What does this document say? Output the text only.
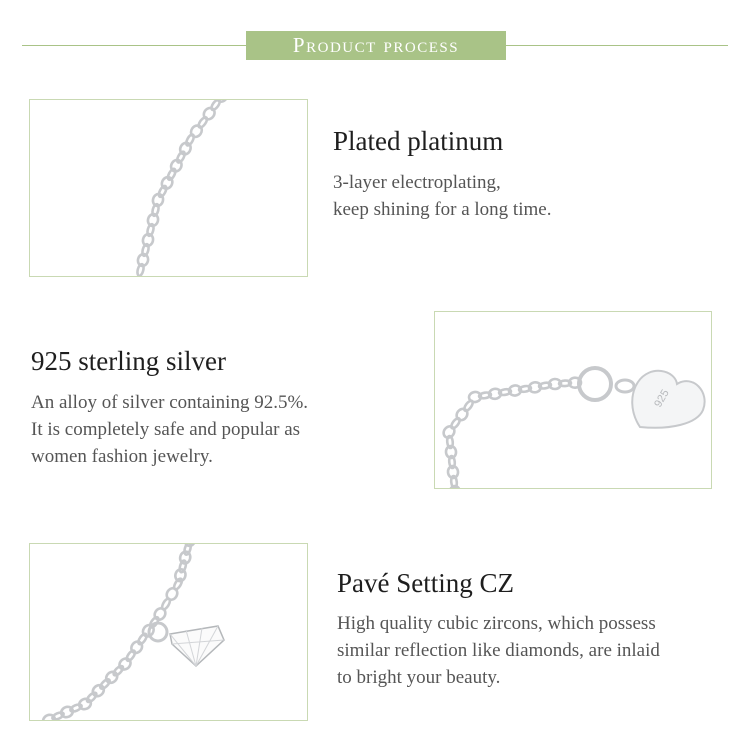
Product process
Plated platinum
3-layer electroplating,
keep shining for a long time.
925 sterling silver
An alloy of silver containing 92.5%.
It is completely safe and popular as
women fashion jewelry.
925
Pavé Setting CZ
High quality cubic zircons, which possess
similar reflection like diamonds, are inlaid
to bright your beauty.
